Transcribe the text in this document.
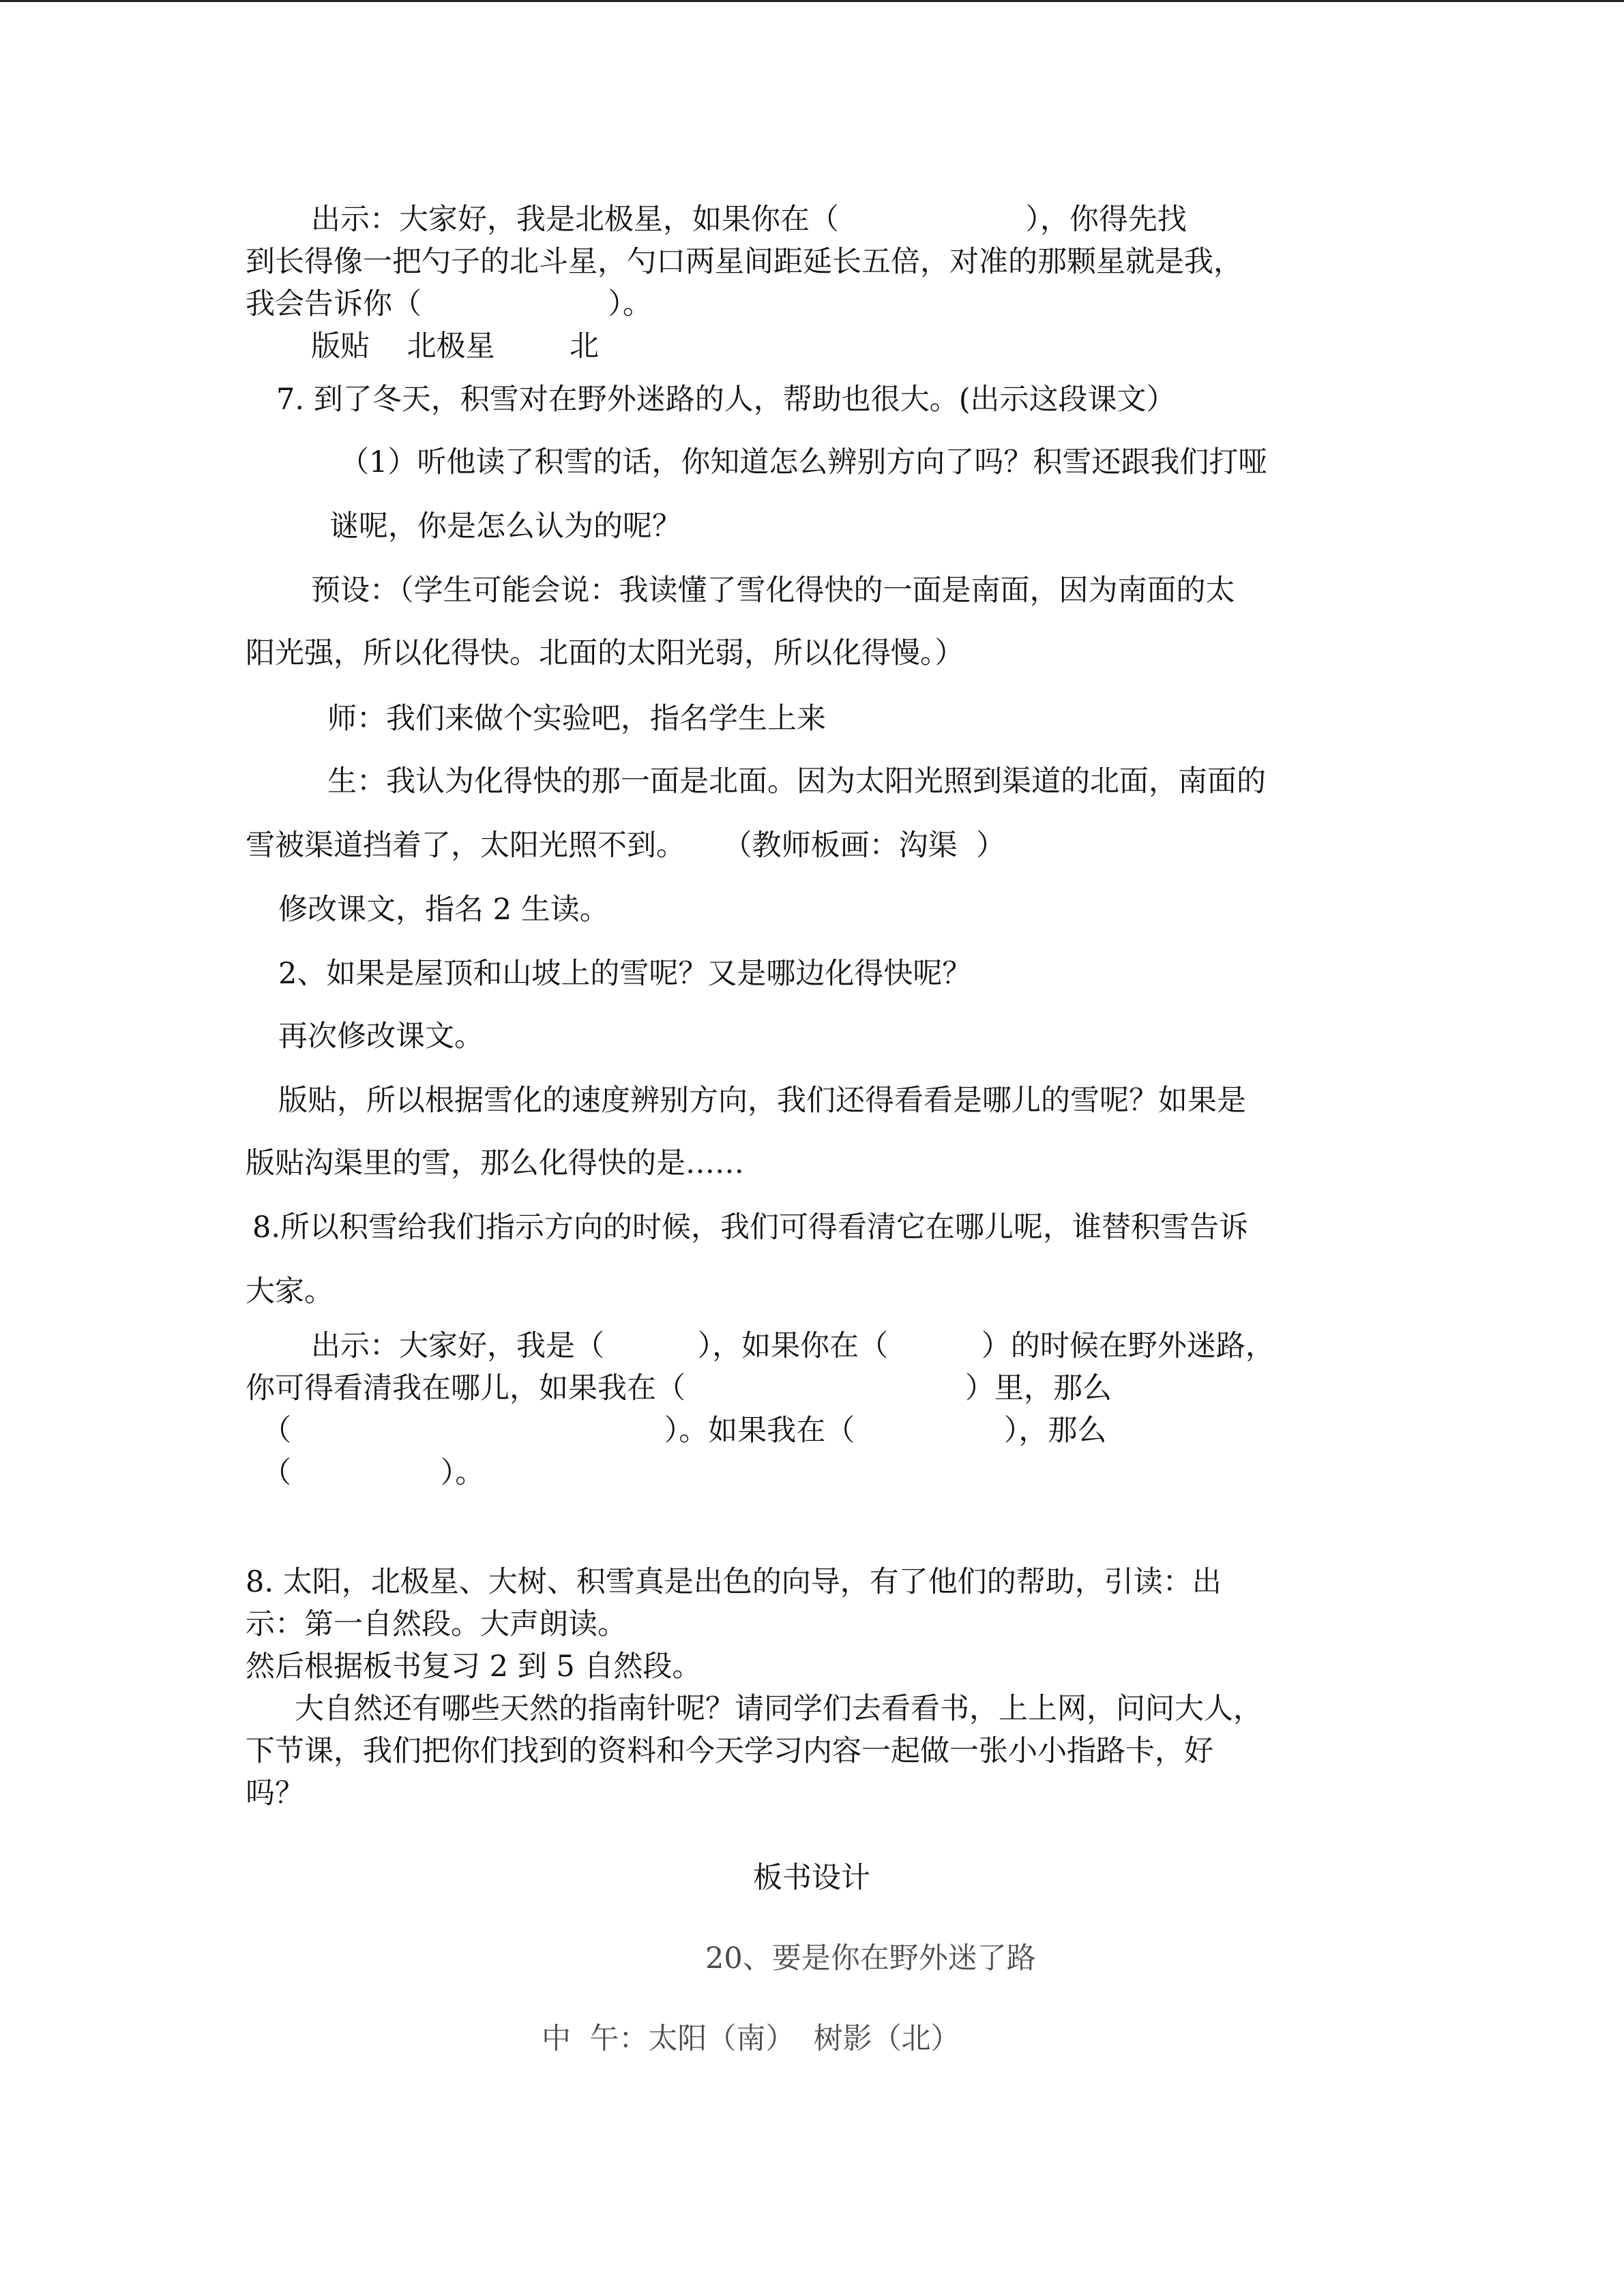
出示：大家好，我是北极星，如果你在（                    ），你得先找
到长得像一把勺子的北斗星，勺口两星间距延长五倍，对准的那颗星就是我，
我会告诉你（                    ）。
版贴    北极星        北
7. 到了冬天，积雪对在野外迷路的人，帮助也很大。(出示这段课文）
（1）听他读了积雪的话，你知道怎么辨别方向了吗？积雪还跟我们打哑
谜呢，你是怎么认为的呢？
预设：（学生可能会说：我读懂了雪化得快的一面是南面，因为南面的太
阳光强，所以化得快。北面的太阳光弱，所以化得慢。）
师：我们来做个实验吧，指名学生上来
生：我认为化得快的那一面是北面。因为太阳光照到渠道的北面，南面的
雪被渠道挡着了，太阳光照不到。    （教师板画：沟渠  ）
修改课文，指名 2 生读。
2、如果是屋顶和山坡上的雪呢？又是哪边化得快呢？
再次修改课文。
版贴，所以根据雪化的速度辨别方向，我们还得看看是哪儿的雪呢？如果是
版贴沟渠里的雪，那么化得快的是……
8.所以积雪给我们指示方向的时候，我们可得看清它在哪儿呢，谁替积雪告诉
大家。
出示：大家好，我是（          ），如果你在（          ）的时候在野外迷路，
你可得看清我在哪儿，如果我在（                              ）里，那么
（                                        ）。如果我在（                ），那么
（                ）。
8. 太阳，北极星、大树、积雪真是出色的向导，有了他们的帮助，引读：出
示：第一自然段。大声朗读。
然后根据板书复习 2 到 5 自然段。
大自然还有哪些天然的指南针呢？请同学们去看看书，上上网，问问大人，
下节课，我们把你们找到的资料和今天学习内容一起做一张小小指路卡，好
吗？
板书设计
20、要是你在野外迷了路
中  午：太阳（南）  树影（北）
